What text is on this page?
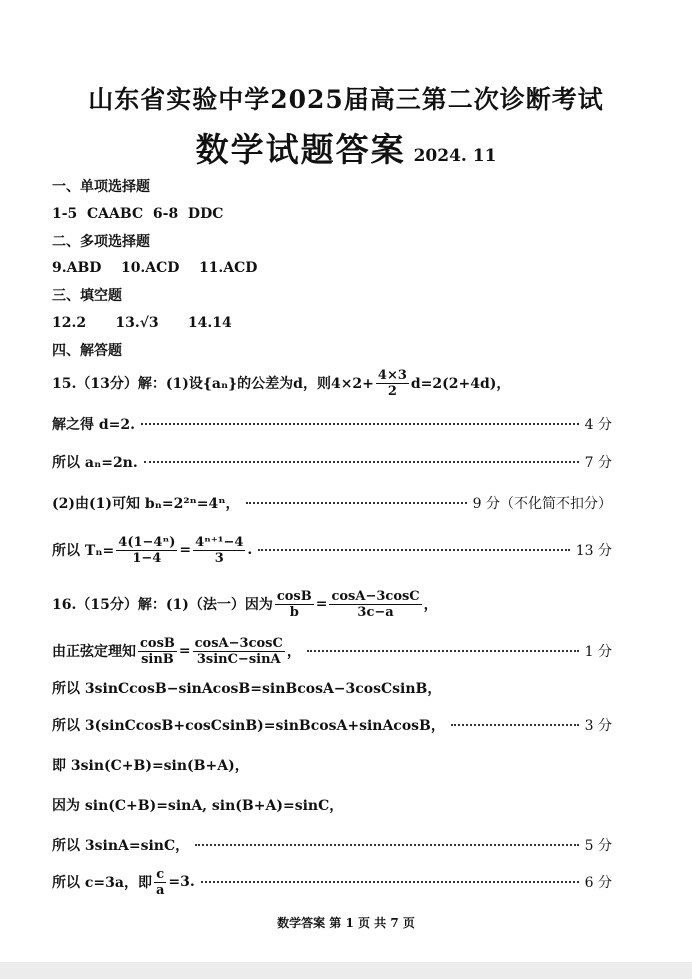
山东省实验中学2025届高三第二次诊断考试
数学试题答案 2024. 11
一、单项选择题
1-5  CAABC  6-8  DDC
二、多项选择题
9.ABD    10.ACD    11.ACD
三、填空题
12.2      13.√3      14.14
四、解答题
15.（13分）解：(1)设{aₙ}的公差为d，则$4\times 2+ \frac{4\times 3}{2} d=2(2+4d)$，
解之得 d=2.	4 分
所以 aₙ=2n.	7 分
(2)由(1)可知 bₙ=2²ⁿ=4ⁿ，	9 分（不化简不扣分）
所以 $T_n= \frac{\text{4(1−4ⁿ)}}{1-4} = \frac{\text{4ⁿ⁺¹−4}}{3}$ .	13 分
16.（15分）解：(1)（法一）因为 $\frac{\cos B}{b} = \frac{\cos A-3\cos C}{3c-a}$ ，
由正弦定理知 $\frac{\cos B}{\sin B} = \frac{\cos A-3\cos C}{3\sin C-\sin A}$ ，	1 分
所以 3sinCcosB−sinAcosB=sinBcosA−3cosCsinB，
所以 3(sinCcosB+cosCsinB)=sinBcosA+sinAcosB，	3 分
即 3sin(C+B)=sin(B+A)，
因为 sin(C+B)=sinA, sin(B+A)=sinC，
所以 3sinA=sinC，	5 分
所以 c=3a，即 $\frac{c}{a} =3$.	6 分
数学答案 第 1 页 共 7 页
